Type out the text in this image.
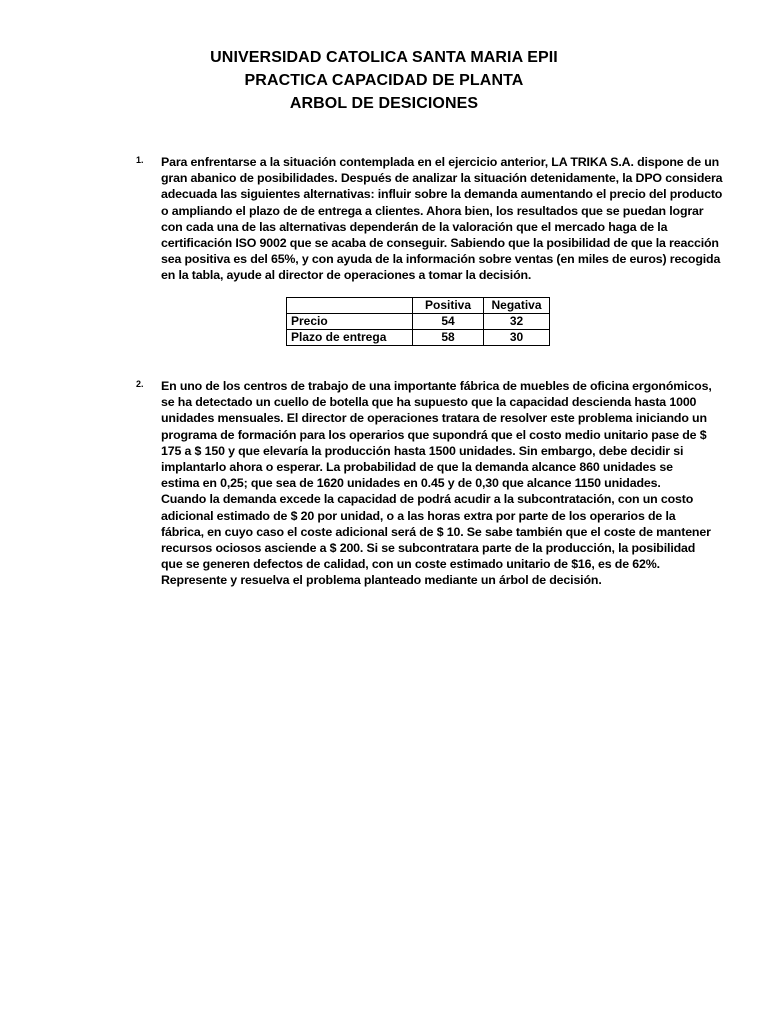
UNIVERSIDAD CATOLICA SANTA MARIA EPII
PRACTICA CAPACIDAD DE PLANTA
ARBOL DE DESICIONES
1. Para enfrentarse a la situación contemplada en el ejercicio anterior, LA TRIKA S.A. dispone de un
gran abanico de posibilidades. Después de analizar la situación detenidamente, la DPO considera
adecuada las siguientes alternativas: influir sobre la demanda aumentando el precio del producto
o ampliando el plazo de de entrega a clientes. Ahora bien, los resultados que se puedan lograr
con cada una de las alternativas dependerán de la valoración que el mercado haga de la
certificación ISO 9002 que se acaba de conseguir. Sabiendo que la posibilidad de que la reacción
sea positiva es del 65%, y con ayuda de la información sobre ventas (en miles de euros) recogida
en la tabla, ayude al director de operaciones a tomar la decisión.
	Positiva	Negativa
Precio	54	32
Plazo de entrega	58	30
2. En uno de los centros de trabajo de una importante fábrica de muebles de oficina ergonómicos,
se ha detectado un cuello de botella que ha supuesto que la capacidad descienda hasta 1000
unidades mensuales. El director de operaciones tratara de resolver este problema iniciando un
programa de formación para los operarios que supondrá que el costo medio unitario pase de $
175 a $ 150 y que elevaría la producción hasta 1500 unidades. Sin embargo, debe decidir si
implantarlo ahora o esperar. La probabilidad de que la demanda alcance 860 unidades se
estima en 0,25; que sea de 1620 unidades en 0.45 y de 0,30 que alcance 1150 unidades.
Cuando la demanda excede la capacidad de podrá acudir a la subcontratación, con un costo
adicional estimado de $ 20 por unidad, o a las horas extra por parte de los operarios de la
fábrica, en cuyo caso el coste adicional será de $ 10. Se sabe también que el coste de mantener
recursos ociosos asciende a $ 200. Si se subcontratara parte de la producción, la posibilidad
que se generen defectos de calidad, con un coste estimado unitario de $16, es de 62%.
Represente y resuelva el problema planteado mediante un árbol de decisión.
